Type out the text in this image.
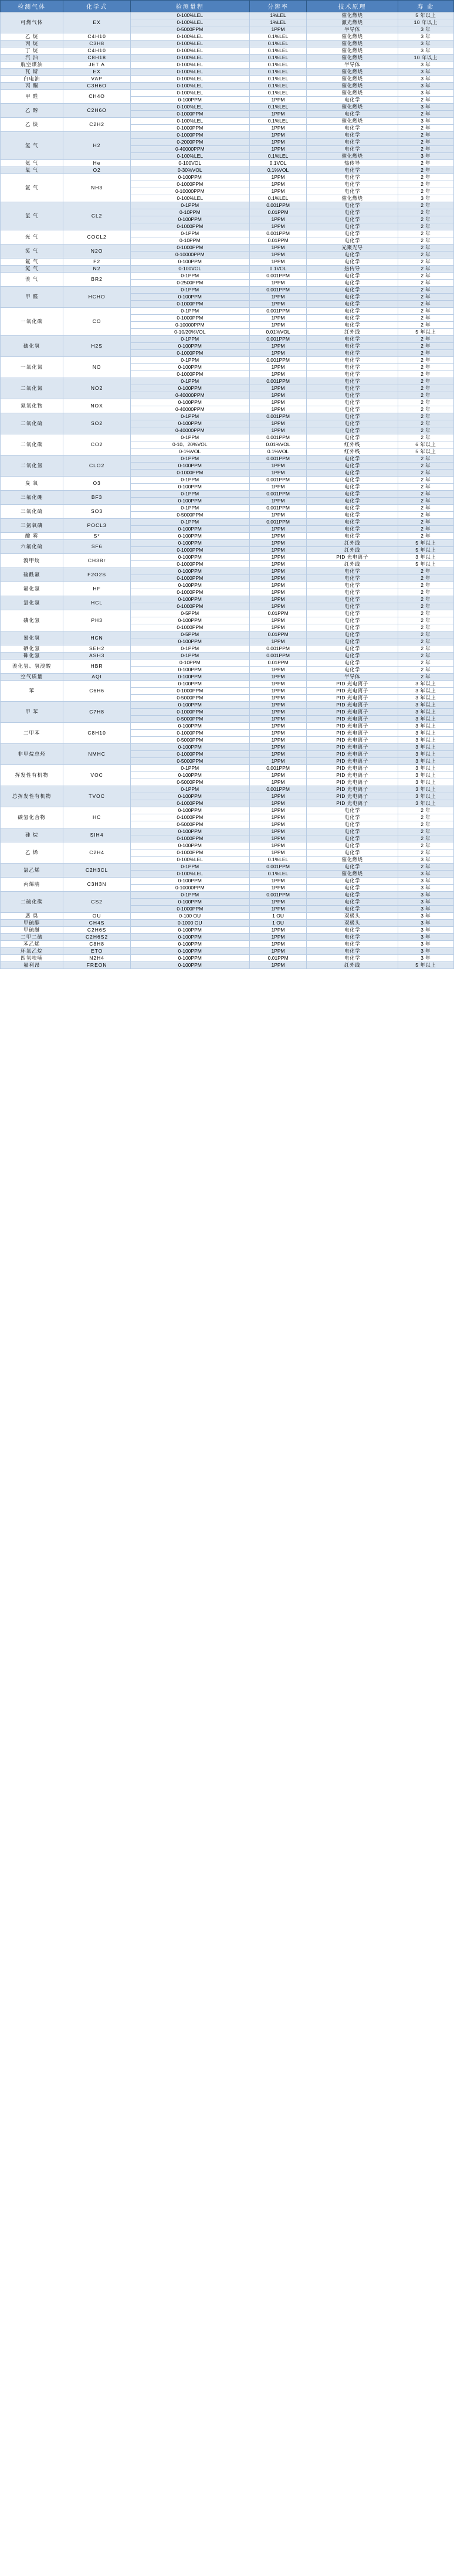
检测气体	化学式	检测量程	分辨率	技术原理	寿 命
可燃气体	EX	0-100%LEL	1%LEL	催化燃烧	5 年以上
		0-100%LEL	1%LEL	激光燃烧	10 年以上
		0-5000PPM	1PPM	半导体	3 年
乙 烷	C4H10	0-100%LEL	0.1%LEL	催化燃烧	3 年
丙 烷	C3H8	0-100%LEL	0.1%LEL	催化燃烧	3 年
丁 烷	C4H10	0-100%LEL	0.1%LEL	催化燃烧	3 年
汽 油	C8H18	0-100%LEL	0.1%LEL	催化燃烧	10 年以上
航空煤油	JET A	0-100%LEL	0.1%LEL	半导体	3 年
瓦 斯	EX	0-100%LEL	0.1%LEL	催化燃烧	3 年
白电油	VAP	0-100%LEL	0.1%LEL	催化燃烧	3 年
丙 酮	C3H6O	0-100%LEL	0.1%LEL	催化燃烧	3 年
甲 醛	CH4O	0-100%LEL	0.1%LEL	催化燃烧	3 年
		0-100PPM	1PPM	电化学	2 年
乙 醇	C2H6O	0-100%LEL	0.1%LEL	催化燃烧	3 年
		0-1000PPM	1PPM	电化学	2 年
乙 炔	C2H2	0-100%LEL	0.1%LEL	催化燃烧	3 年
		0-1000PPM	1PPM	电化学	2 年
氢 气	H2	0-1000PPM	1PPM	电化学	2 年
		0-2000PPM	1PPM	电化学	2 年
		0-40000PPM	1PPM	电化学	2 年
		0-100%LEL	0.1%LEL	催化燃烧	3 年
氦 气	He	0-100VOL	0.1VOL	热传导	2 年
氧 气	O2	0-30%VOL	0.1%VOL	电化学	2 年
氨 气	NH3	0-100PPM	1PPM	电化学	2 年
		0-1000PPM	1PPM	电化学	2 年
		0-10000PPM	1PPM	电化学	2 年
		0-100%LEL	0.1%LEL	催化燃烧	3 年
氯 气	CL2	0-1PPM	0.001PPM	电化学	2 年
		0-10PPM	0.01PPM	电化学	2 年
		0-100PPM	1PPM	电化学	2 年
		0-1000PPM	1PPM	电化学	2 年
光 气	COCL2	0-1PPM	0.001PPM	电化学	2 年
		0-10PPM	0.01PPM	电化学	2 年
笑 气	N2O	0-1000PPM	1PPM	光聚光导	2 年
		0-10000PPM	1PPM	电化学	2 年
氟 气	F2	0-100PPM	1PPM	电化学	2 年
氮 气	N2	0-100VOL	0.1VOL	热传导	2 年
溴 气	BR2	0-1PPM	0.001PPM	电化学	2 年
		0-2500PPM	1PPM	电化学	2 年
甲 醛	HCHO	0-1PPM	0.001PPM	电化学	2 年
		0-100PPM	1PPM	电化学	2 年
		0-1000PPM	1PPM	电化学	2 年
一氧化碳	CO	0-1PPM	0.001PPM	电化学	2 年
		0-1000PPM	1PPM	电化学	2 年
		0-10000PPM	1PPM	电化学	2 年
		0-10/20%VOL	0.01%VOL	红外线	5 年以上
硫化氢	H2S	0-1PPM	0.001PPM	电化学	2 年
		0-100PPM	1PPM	电化学	2 年
		0-1000PPM	1PPM	电化学	2 年
一氧化氮	NO	0-1PPM	0.001PPM	电化学	2 年
		0-100PPM	1PPM	电化学	2 年
		0-1000PPM	1PPM	电化学	2 年
二氧化氮	NO2	0-1PPM	0.001PPM	电化学	2 年
		0-100PPM	1PPM	电化学	2 年
		0-40000PPM	1PPM	电化学	2 年
氮氧化物	NOX	0-100PPM	1PPM	电化学	2 年
		0-40000PPM	1PPM	电化学	2 年
二氧化硫	SO2	0-1PPM	0.001PPM	电化学	2 年
		0-100PPM	1PPM	电化学	2 年
		0-40000PPM	1PPM	电化学	2 年
二氧化碳	CO2	0-1PPM	0.001PPM	电化学	2 年
		0-10、20%VOL	0.01%VOL	红外线	6 年以上
		0-1%VOL	0.1%VOL	红外线	5 年以上
二氧化氯	CLO2	0-1PPM	0.001PPM	电化学	2 年
		0-100PPM	1PPM	电化学	2 年
		0-1000PPM	1PPM	电化学	2 年
臭 氧	O3	0-1PPM	0.001PPM	电化学	2 年
		0-100PPM	1PPM	电化学	2 年
三氟化硼	BF3	0-1PPM	0.001PPM	电化学	2 年
		0-100PPM	1PPM	电化学	2 年
三氧化硫	SO3	0-1PPM	0.001PPM	电化学	2 年
		0-5000PPM	1PPM	电化学	2 年
三氯氧磷	POCL3	0-1PPM	0.001PPM	电化学	2 年
		0-100PPM	1PPM	电化学	2 年
酸 雾	S*	0-100PPM	1PPM	电化学	2 年
六氟化硫	SF6	0-100PPM	1PPM	红外线	5 年以上
		0-1000PPM	1PPM	红外线	5 年以上
溴甲烷	CH3Br	0-100PPM	1PPM	PID 光电离子	3 年以上
		0-1000PPM	1PPM	红外线	5 年以上
硫酰氟	F2O2S	0-100PPM	1PPM	电化学	2 年
		0-1000PPM	1PPM	电化学	2 年
氟化氢	HF	0-100PPM	1PPM	电化学	2 年
		0-1000PPM	1PPM	电化学	2 年
氯化氢	HCL	0-100PPM	1PPM	电化学	2 年
		0-1000PPM	1PPM	电化学	2 年
磷化氢	PH3	0-5PPM	0.01PPM	电化学	2 年
		0-100PPM	1PPM	电化学	2 年
		0-1000PPM	1PPM	电化学	2 年
氰化氢	HCN	0-5PPM	0.01PPM	电化学	2 年
		0-100PPM	1PPM	电化学	2 年
硒化氢	SEH2	0-1PPM	0.001PPM	电化学	2 年
砷化氢	ASH3	0-1PPM	0.001PPM	电化学	2 年
溴化氢、氢溴酸	HBR	0-10PPM	0.01PPM	电化学	2 年
		0-100PPM	1PPM	电化学	2 年
空气质量	AQI	0-100PPM	1PPM	半导体	2 年
苯	C6H6	0-100PPM	1PPM	PID 光电离子	3 年以上
		0-1000PPM	1PPM	PID 光电离子	3 年以上
		0-5000PPM	1PPM	PID 光电离子	3 年以上
甲 苯	C7H8	0-100PPM	1PPM	PID 光电离子	3 年以上
		0-1000PPM	1PPM	PID 光电离子	3 年以上
		0-5000PPM	1PPM	PID 光电离子	3 年以上
二甲苯	C8H10	0-100PPM	1PPM	PID 光电离子	3 年以上
		0-1000PPM	1PPM	PID 光电离子	3 年以上
		0-5000PPM	1PPM	PID 光电离子	3 年以上
非甲烷总烃	NMHC	0-100PPM	1PPM	PID 光电离子	3 年以上
		0-1000PPM	1PPM	PID 光电离子	3 年以上
		0-5000PPM	1PPM	PID 光电离子	3 年以上
挥发性有机物	VOC	0-1PPM	0.001PPM	PID 光电离子	3 年以上
		0-100PPM	1PPM	PID 光电离子	3 年以上
		0-5000PPM	1PPM	PID 光电离子	3 年以上
总挥发性有机物	TVOC	0-1PPM	0.001PPM	PID 光电离子	3 年以上
		0-100PPM	1PPM	PID 光电离子	3 年以上
		0-1000PPM	1PPM	PID 光电离子	3 年以上
碳氢化合物	HC	0-100PPM	1PPM	电化学	2 年
		0-1000PPM	1PPM	电化学	2 年
		0-5000PPM	1PPM	电化学	2 年
硅 烷	SIH4	0-100PPM	1PPM	电化学	2 年
		0-1000PPM	1PPM	电化学	2 年
乙 烯	C2H4	0-100PPM	1PPM	电化学	2 年
		0-1000PPM	1PPM	电化学	2 年
		0-100%LEL	0.1%LEL	催化燃烧	3 年
氯乙烯	C2H3CL	0-1PPM	0.001PPM	电化学	2 年
		0-100%LEL	0.1%LEL	催化燃烧	3 年
丙烯腈	C3H3N	0-100PPM	1PPM	电化学	3 年
		0-10000PPM	1PPM	电化学	3 年
二硫化碳	CS2	0-1PPM	0.001PPM	电化学	3 年
		0-100PPM	1PPM	电化学	3 年
		0-1000PPM	1PPM	电化学	3 年
恶 臭	OU	0-100 OU	1 OU	双极头	3 年
甲硫醇	CH4S	0-1000 OU	1 OU	双极头	3 年
甲硫醚	C2H6S	0-100PPM	1PPM	电化学	3 年
二甲二硫	C2H6S2	0-100PPM	1PPM	电化学	3 年
苯乙烯	C8H8	0-100PPM	1PPM	电化学	3 年
环氧乙烷	ETO	0-100PPM	1PPM	电化学	3 年
四氢呋喃	N2H4	0-100PPM	0.01PPM	电化学	3 年
氟利昂	FREON	0-100PPM	1PPM	红外线	5 年以上
